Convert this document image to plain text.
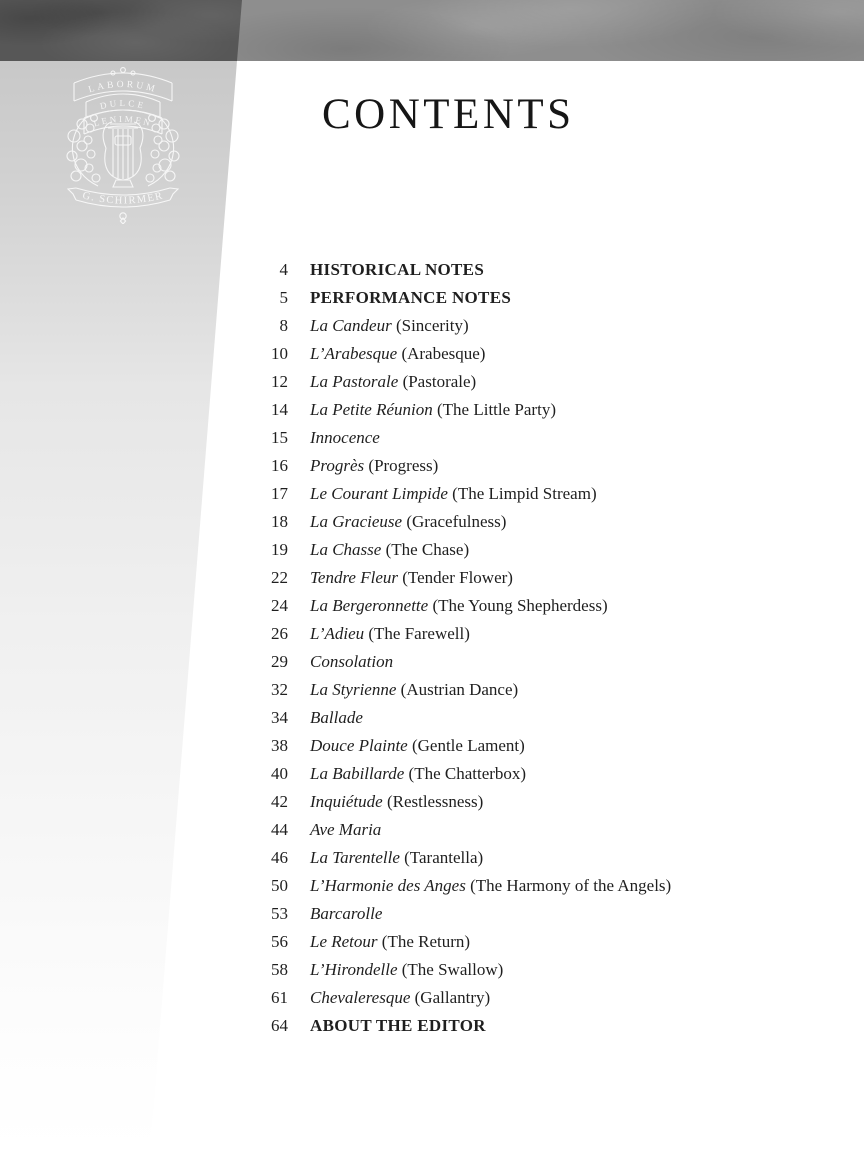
LABORUM
DULCE
LENIMEN
G. SCHIRMER
CONTENTS
4 HISTORICAL NOTES
5 PERFORMANCE NOTES
8 La Candeur (Sincerity)
10 L’Arabesque (Arabesque)
12 La Pastorale (Pastorale)
14 La Petite Réunion (The Little Party)
15 Innocence
16 Progrès (Progress)
17 Le Courant Limpide (The Limpid Stream)
18 La Gracieuse (Gracefulness)
19 La Chasse (The Chase)
22 Tendre Fleur (Tender Flower)
24 La Bergeronnette (The Young Shepherdess)
26 L’Adieu (The Farewell)
29 Consolation
32 La Styrienne (Austrian Dance)
34 Ballade
38 Douce Plainte (Gentle Lament)
40 La Babillarde (The Chatterbox)
42 Inquiétude (Restlessness)
44 Ave Maria
46 La Tarentelle (Tarantella)
50 L’Harmonie des Anges (The Harmony of the Angels)
53 Barcarolle
56 Le Retour (The Return)
58 L’Hirondelle (The Swallow)
61 Chevaleresque (Gallantry)
64 ABOUT THE EDITOR
